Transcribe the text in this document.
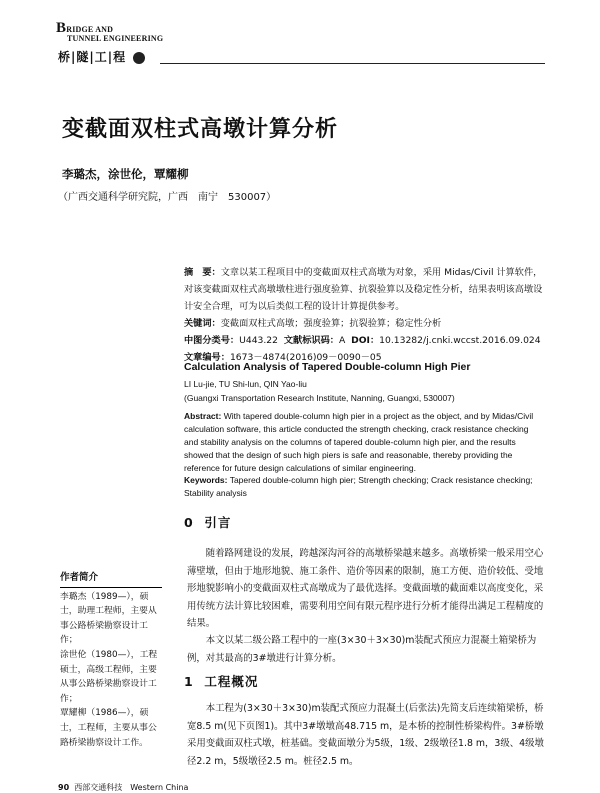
BRIDGE AND
TUNNEL ENGINEERING
桥|隧|工|程
变截面双柱式高墩计算分析
李璐杰，涂世伦，覃耀柳
（广西交通科学研究院，广西　南宁　530007）
摘　要：文章以某工程项目中的变截面双柱式高墩为对象，采用 Midas/Civil 计算软件，对该变截面双柱式高墩墩柱进行强度验算、抗裂验算以及稳定性分析，结果表明该高墩设计安全合理，可为以后类似工程的设计计算提供参考。
关键词：变截面双柱式高墩；强度验算；抗裂验算；稳定性分析
中图分类号：U443.22 文献标识码：A DOI：10.13282/j.cnki.wccst.2016.09.024
文章编号：1673－4874(2016)09－0090－05
Calculation Analysis of Tapered Double-column High Pier
LI Lu-jie, TU Shi-lun, QIN Yao-liu
(Guangxi Transportation Research Institute, Nanning, Guangxi, 530007)
Abstract: With tapered double-column high pier in a project as the object, and by Midas/Civil calculation software, this article conducted the strength checking, crack resistance checking and stability analysis on the columns of tapered double-column high pier, and the results showed that the design of such high piers is safe and reasonable, thereby providing the reference for future design calculations of similar engineering.
Keywords: Tapered double-column high pier; Strength checking; Crack resistance checking; Stability analysis
0 引言
随着路网建设的发展，跨越深沟河谷的高墩桥梁越来越多。高墩桥梁一般采用空心薄壁墩，但由于地形地貌、施工条件、造价等因素的限制，施工方便、造价较低、受地形地貌影响小的变截面双柱式高墩成为了最优选择。变截面墩的截面难以高度变化，采用传统方法计算比较困难，需要利用空间有限元程序进行分析才能得出满足工程精度的结果。
本文以某二级公路工程中的一座(3×30＋3×30)m装配式预应力混凝土箱梁桥为例，对其最高的3#墩进行计算分析。
1 工程概况
本工程为(3×30＋3×30)m装配式预应力混凝土(后张法)先简支后连续箱梁桥，桥宽8.5 m(见下页图1)。其中3#墩墩高48.715 m，是本桥的控制性桥梁构件。3#桥墩采用变截面双柱式墩，桩基础。变截面墩分为5级，1级、2级墩径1.8 m，3级、4级墩径2.2 m，5级墩径2.5 m。桩径2.5 m。
作者简介

李璐杰（1989—），硕士，助理工程师，主要从事公路桥梁勘察设计工作；

涂世伦（1980—），工程硕士，高级工程师，主要从事公路桥梁勘察设计工作；

覃耀柳（1986—），硕士，工程师，主要从事公路桥梁勘察设计工作。

90 西部交通科技　Western China
